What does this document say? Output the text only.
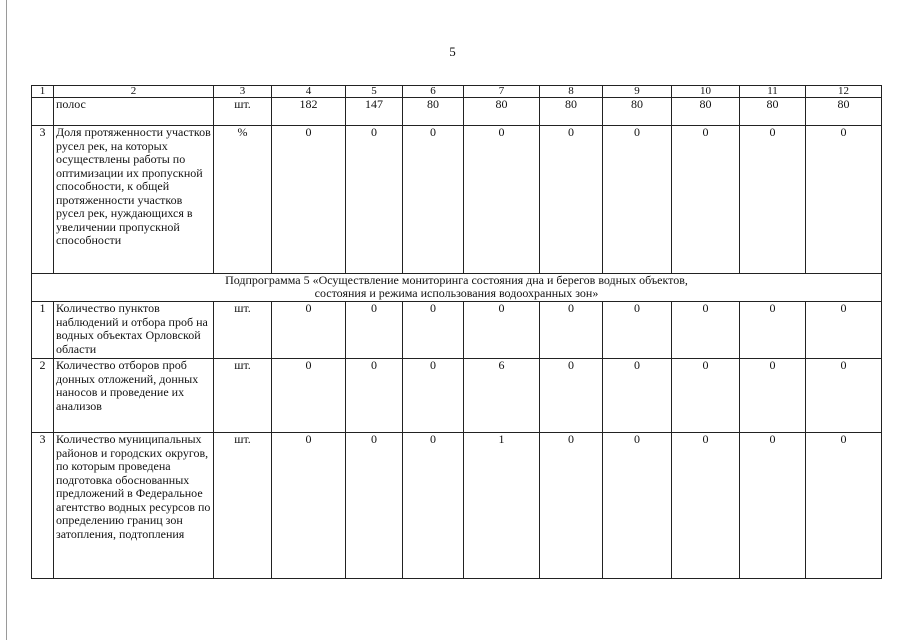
5
1	2	3	4	5	6	7	8	9	10	11	12
	полос	шт.	182	147	80	80	80	80	80	80	80
3	Доля протяженности участков русел рек, на которых осуществлены работы по оптимизации их пропускной способности, к общей протяженности участков русел рек, нуждающихся в увеличении пропускной способности	%	0	0	0	0	0	0	0	0	0

Подпрограмма 5 «Осуществление мониторинга состояния дна и берегов водных объектов,
состояния и режима использования водоохранных зон»											

1	Количество пунктов наблюдений и отбора проб на водных объектах Орловской области	шт.	0	0	0	0	0	0	0	0	0
2	Количество отборов проб донных отложений, донных наносов и проведение их анализов	шт.	0	0	0	6	0	0	0	0	0
3	Количество муниципальных районов и городских округов, по которым проведена подготовка обоснованных предложений в Федеральное агентство водных ресурсов по определению границ зон затопления, подтопления	шт.	0	0	0	1	0	0	0	0	0
